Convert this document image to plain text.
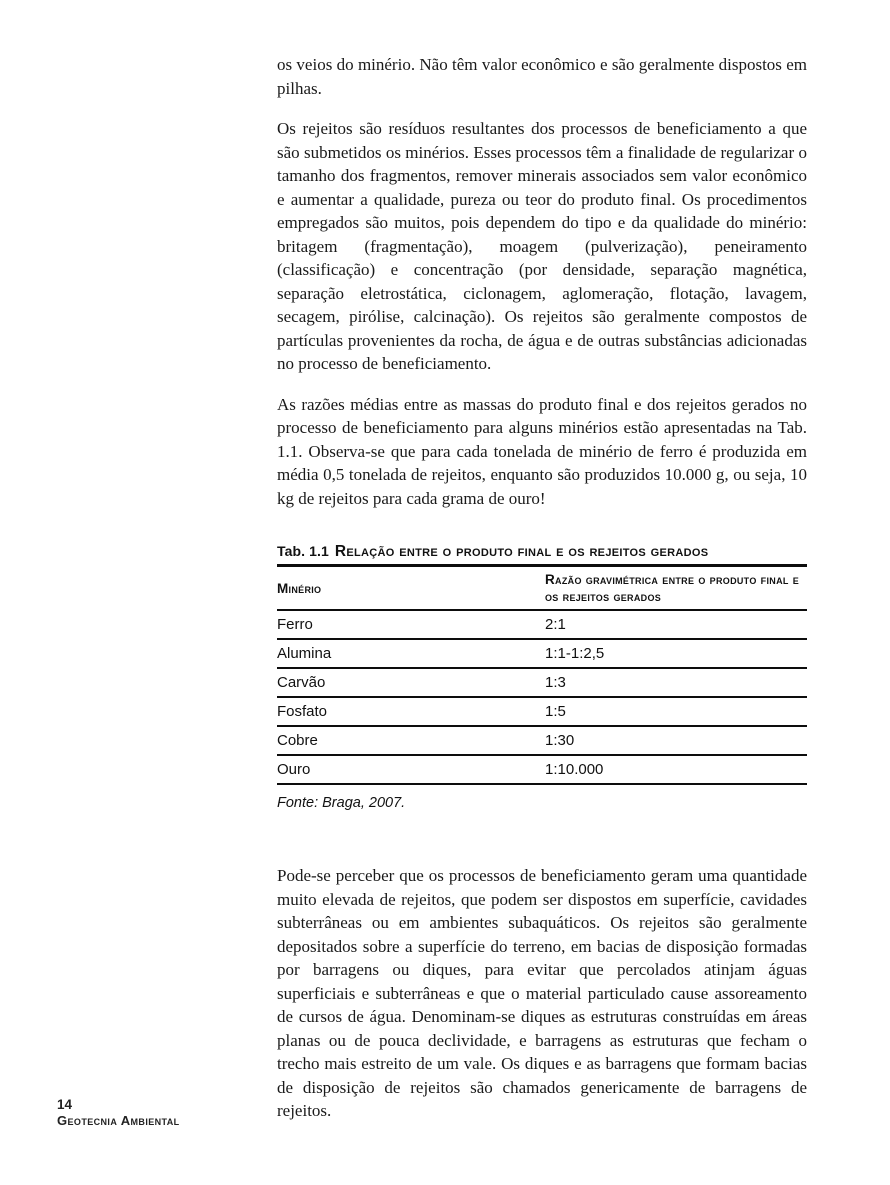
os veios do minério. Não têm valor econômico e são geralmente dispostos em pilhas.

Os rejeitos são resíduos resultantes dos processos de beneficiamento a que são submetidos os minérios. Esses processos têm a finalidade de regularizar o tamanho dos fragmentos, remover minerais associados sem valor econômico e aumentar a qualidade, pureza ou teor do produto final. Os procedimentos empregados são muitos, pois dependem do tipo e da qualidade do minério: britagem (fragmentação), moagem (pulverização), peneiramento (classificação) e concentração (por densidade, separação magnética, separação eletrostática, ciclonagem, aglomeração, flotação, lavagem, secagem, pirólise, calcinação). Os rejeitos são geralmente compostos de partículas provenientes da rocha, de água e de outras substâncias adicionadas no processo de beneficiamento.

As razões médias entre as massas do produto final e dos rejeitos gerados no processo de beneficiamento para alguns minérios estão apresentadas na Tab. 1.1. Observa-se que para cada tonelada de minério de ferro é produzida em média 0,5 tonelada de rejeitos, enquanto são produzidos 10.000 g, ou seja, 10 kg de rejeitos para cada grama de ouro!

Tab. 1.1 Relação entre o produto final e os rejeitos gerados
Minério	Razão gravimétrica entre o produto final e os rejeitos gerados
Ferro	2:1
Alumina	1:1-1:2,5
Carvão	1:3
Fosfato	1:5
Cobre	1:30
Ouro	1:10.000

Fonte: Braga, 2007.

Pode-se perceber que os processos de beneficiamento geram uma quantidade muito elevada de rejeitos, que podem ser dispostos em superfície, cavidades subterrâneas ou em ambientes subaquáticos. Os rejeitos são geralmente depositados sobre a superfície do terreno, em bacias de disposição formadas por barragens ou diques, para evitar que percolados atinjam águas superficiais e subterrâneas e que o material particulado cause assoreamento de cursos de água. Denominam-se diques as estruturas construídas em áreas planas ou de pouca declividade, e barragens as estruturas que fecham o trecho mais estreito de um vale. Os diques e as barragens que formam bacias de disposição de rejeitos são chamados genericamente de barragens de rejeitos.

14
Geotecnia Ambiental
